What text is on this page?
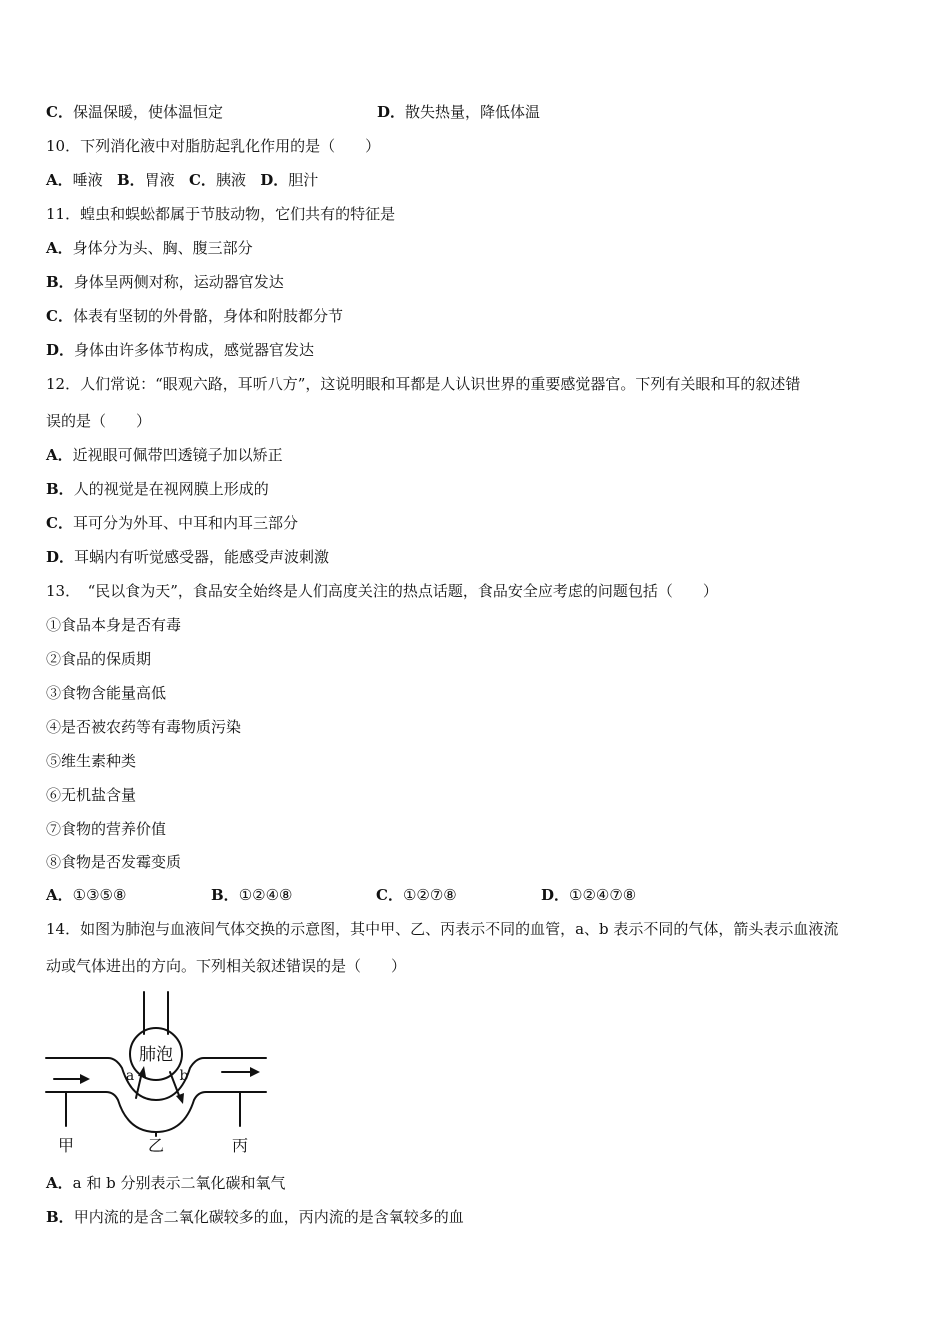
C．保温保暖，使体温恒定	D．散失热量，降低体温
10．下列消化液中对脂肪起乳化作用的是（　　）
A．唾液 B．胃液 C．胰液 D．胆汁
11．蝗虫和蜈蚣都属于节肢动物，它们共有的特征是
A．身体分为头、胸、腹三部分
B．身体呈两侧对称，运动器官发达
C．体表有坚韧的外骨骼，身体和附肢都分节
D．身体由许多体节构成，感觉器官发达
12．人们常说：“眼观六路，耳听八方”，这说明眼和耳都是人认识世界的重要感觉器官。下列有关眼和耳的叙述错
误的是（　　）
A．近视眼可佩带凹透镜子加以矫正
B．人的视觉是在视网膜上形成的
C．耳可分为外耳、中耳和内耳三部分
D．耳蜗内有听觉感受器，能感受声波刺激
13．　“民以食为天”，食品安全始终是人们高度关注的热点话题，食品安全应考虑的问题包括（　　）
①食品本身是否有毒
②食品的保质期
③食物含能量高低
④是否被农药等有毒物质污染
⑤维生素种类
⑥无机盐含量
⑦食物的营养价值
⑧食物是否发霉变质
A．①③⑤⑧	B．①②④⑧	C．①②⑦⑧	D．①②④⑦⑧
14．如图为肺泡与血液间气体交换的示意图，其中甲、乙、丙表示不同的血管，a、b 表示不同的气体，箭头表示血液流
动或气体进出的方向。下列相关叙述错误的是（　　）
肺泡
a	b
甲	乙	丙
A．a 和 b 分别表示二氧化碳和氧气
B．甲内流的是含二氧化碳较多的血，丙内流的是含氧较多的血
